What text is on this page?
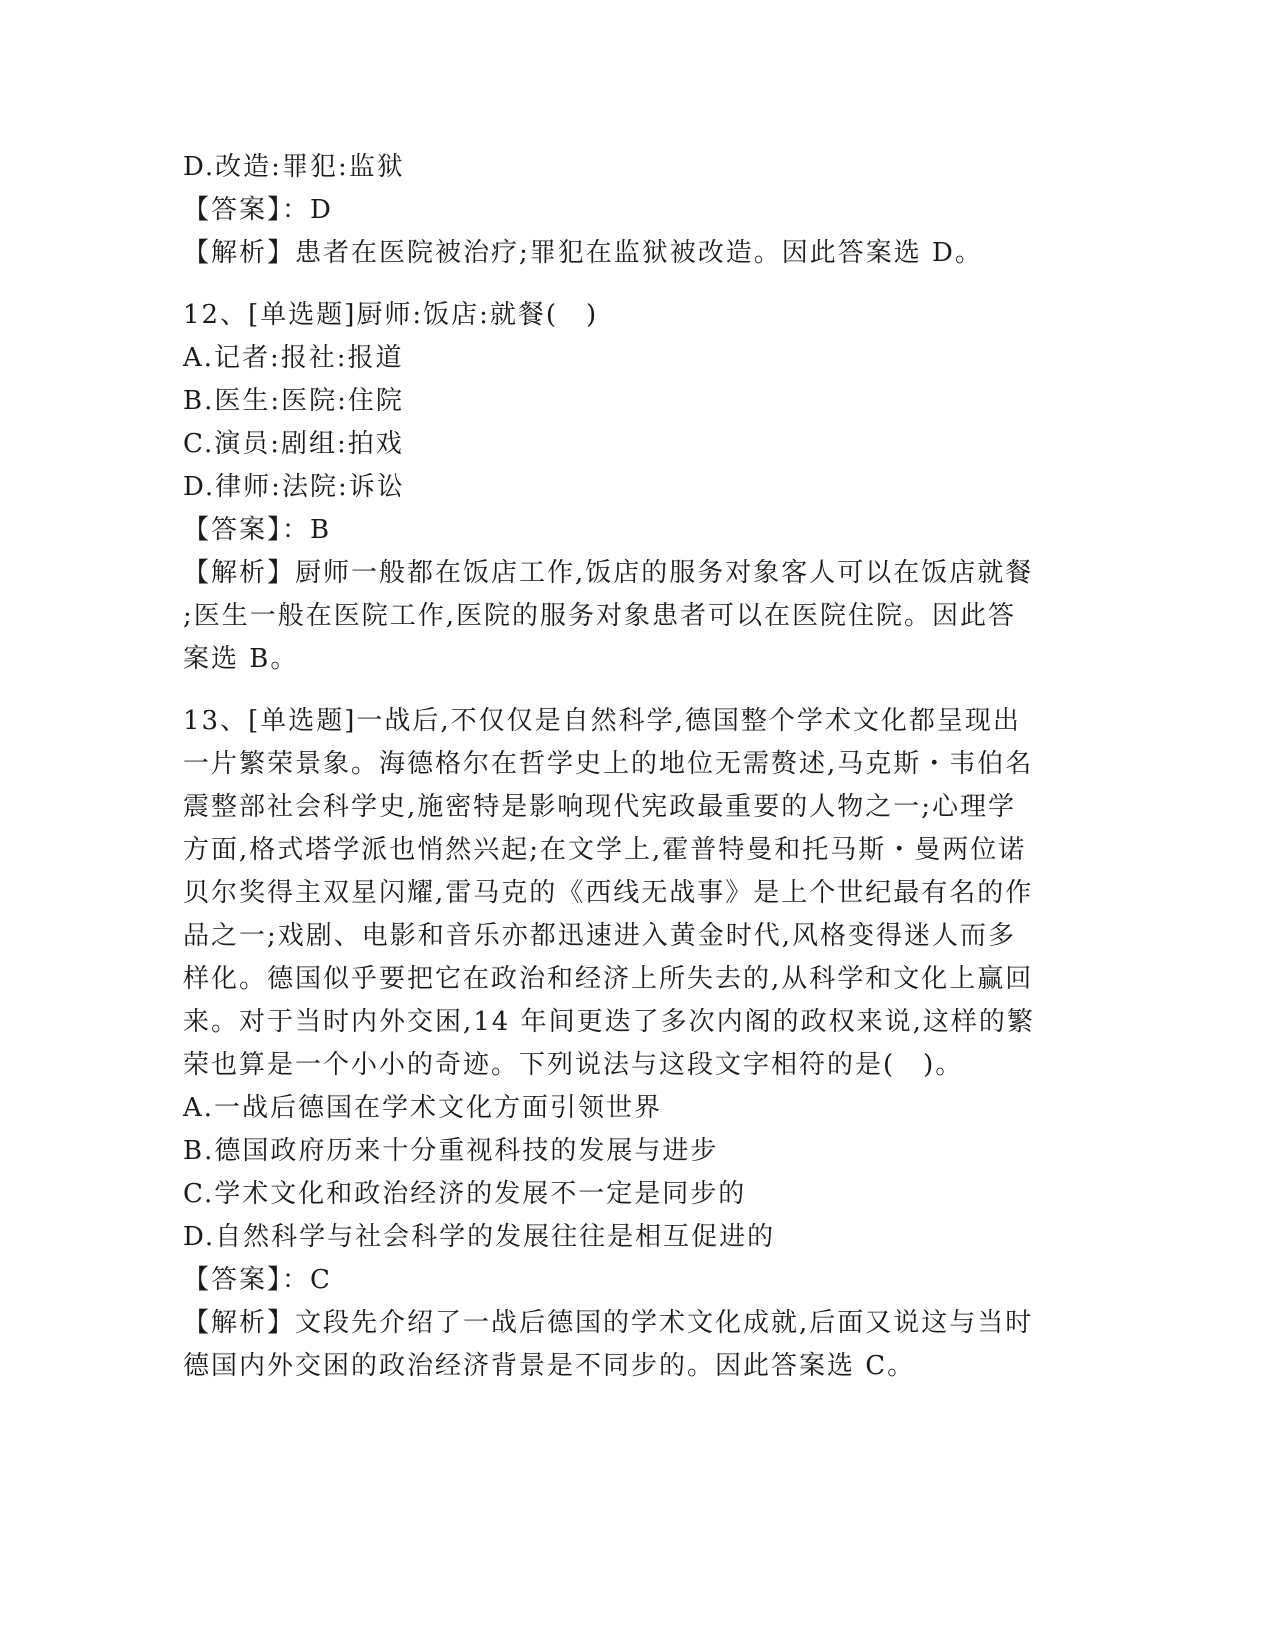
D.改造:罪犯:监狱
【答案】：D
【解析】患者在医院被治疗;罪犯在监狱被改造。因此答案选 D。
12、[单选题]厨师:饭店:就餐(　)
A.记者:报社:报道
B.医生:医院:住院
C.演员:剧组:拍戏
D.律师:法院:诉讼
【答案】：B
【解析】厨师一般都在饭店工作,饭店的服务对象客人可以在饭店就餐
;医生一般在医院工作,医院的服务对象患者可以在医院住院。因此答
案选 B。
13、[单选题]一战后,不仅仅是自然科学,德国整个学术文化都呈现出
一片繁荣景象。海德格尔在哲学史上的地位无需赘述,马克斯・韦伯名
震整部社会科学史,施密特是影响现代宪政最重要的人物之一;心理学
方面,格式塔学派也悄然兴起;在文学上,霍普特曼和托马斯・曼两位诺
贝尔奖得主双星闪耀,雷马克的《西线无战事》是上个世纪最有名的作
品之一;戏剧、电影和音乐亦都迅速进入黄金时代,风格变得迷人而多
样化。德国似乎要把它在政治和经济上所失去的,从科学和文化上赢回
来。对于当时内外交困,14 年间更迭了多次内阁的政权来说,这样的繁
荣也算是一个小小的奇迹。下列说法与这段文字相符的是(　)。
A.一战后德国在学术文化方面引领世界
B.德国政府历来十分重视科技的发展与进步
C.学术文化和政治经济的发展不一定是同步的
D.自然科学与社会科学的发展往往是相互促进的
【答案】：C
【解析】文段先介绍了一战后德国的学术文化成就,后面又说这与当时
德国内外交困的政治经济背景是不同步的。因此答案选 C。
